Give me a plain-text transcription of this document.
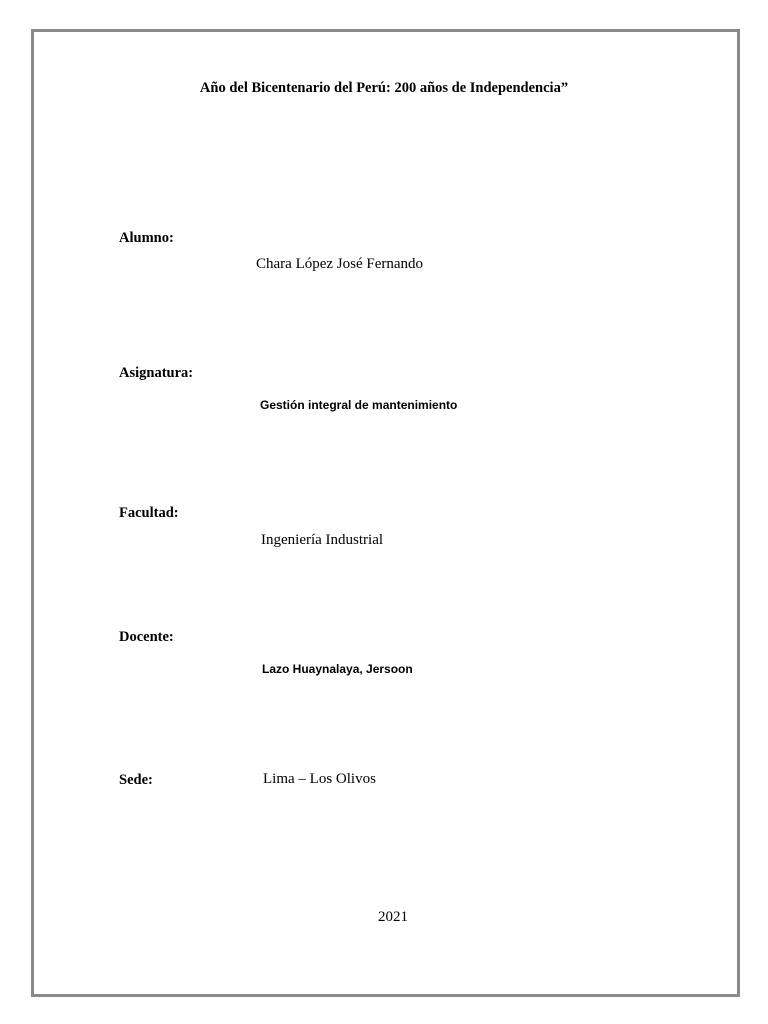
Año del Bicentenario del Perú: 200 años de Independencia”
Alumno:
Chara López José Fernando
Asignatura:
Gestión integral de mantenimiento
Facultad:
Ingeniería Industrial
Docente:
Lazo Huaynalaya, Jersoon
Sede:	Lima – Los Olivos
2021
